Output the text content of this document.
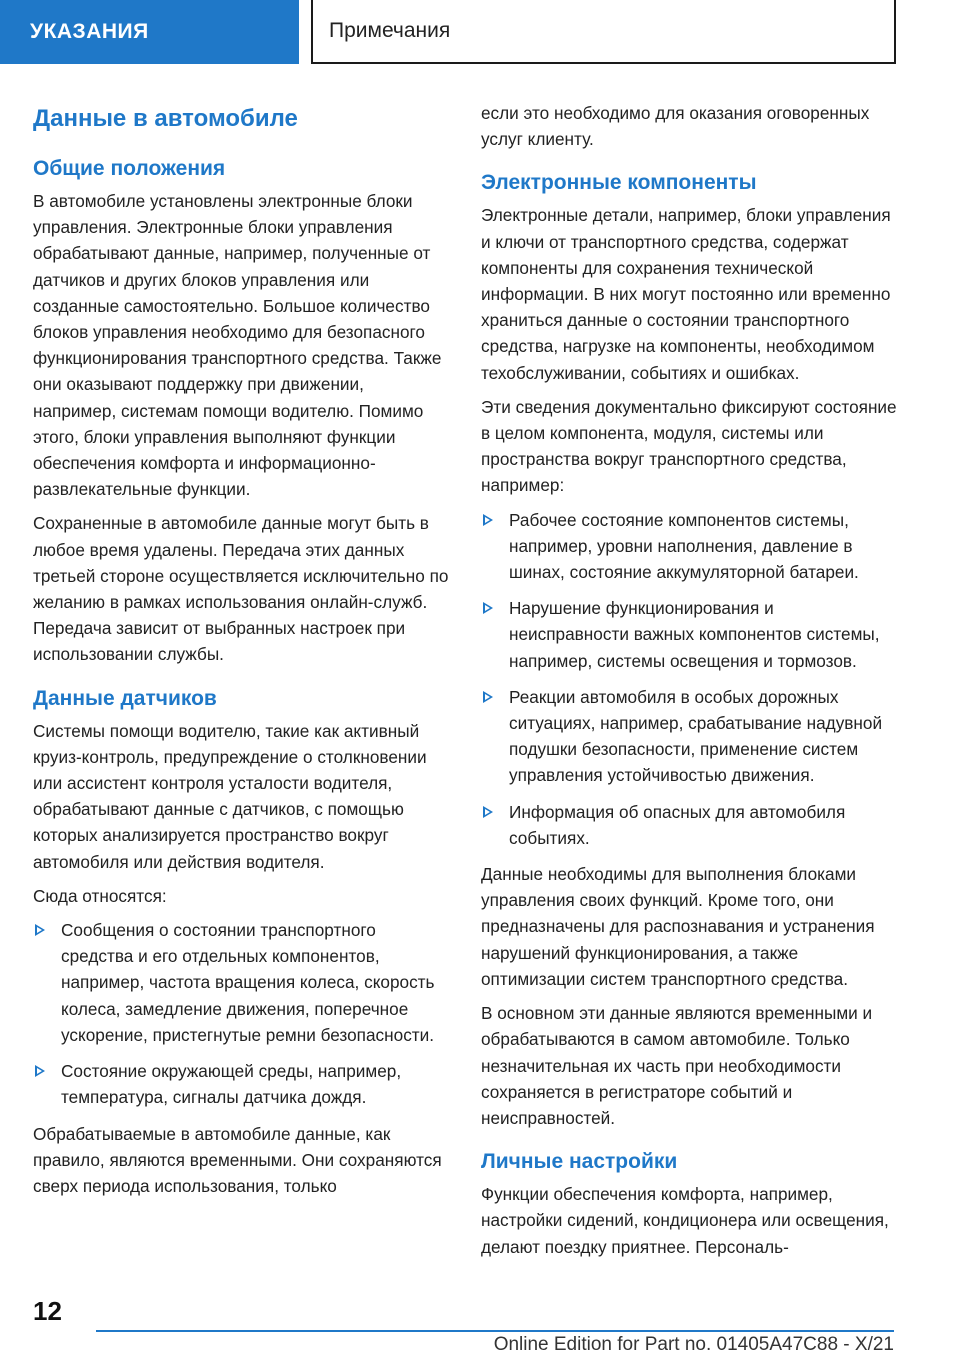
УКАЗАНИЯ	Примечания
Данные в автомобиле
Общие положения

В автомобиле установлены электронные блоки управления. Электронные блоки управления обрабатывают данные, например, полученные от датчиков и других блоков управления или созданные самостоятельно. Большое количество блоков управления необходимо для безопасного функционирования транспортного средства. Также они оказывают поддержку при движении, например, системам помощи водителю. Помимо этого, блоки управления выполняют функции обеспечения комфорта и информационно-развлекательные функции.

Сохраненные в автомобиле данные могут быть в любое время удалены. Передача этих данных третьей стороне осуществляется исключительно по желанию в рамках использования онлайн-служб. Передача зависит от выбранных настроек при использовании службы.

Данные датчиков

Системы помощи водителю, такие как активный круиз-контроль, предупреждение о столкновении или ассистент контроля усталости водителя, обрабатывают данные с датчиков, с помощью которых анализируется пространство вокруг автомобиля или действия водителя.

Сюда относятся:

Сообщения о состоянии транспортного средства и его отдельных компонентов, например, частота вращения колеса, скорость колеса, замедление движения, поперечное ускорение, пристегнутые ремни безопасности.
Состояние окружающей среды, например, температура, сигналы датчика дождя.

Обрабатываемые в автомобиле данные, как правило, являются временными. Они сохраняются сверх периода использования, только

если это необходимо для оказания оговоренных услуг клиенту.

Электронные компоненты

Электронные детали, например, блоки управления и ключи от транспортного средства, содержат компоненты для сохранения технической информации. В них могут постоянно или временно храниться данные о состоянии транспортного средства, нагрузке на компоненты, необходимом техобслуживании, событиях и ошибках.

Эти сведения документально фиксируют состояние в целом компонента, модуля, системы или пространства вокруг транспортного средства, например:

Рабочее состояние компонентов системы, например, уровни наполнения, давление в шинах, состояние аккумуляторной батареи.
Нарушение функционирования и неисправности важных компонентов системы, например, системы освещения и тормозов.
Реакции автомобиля в особых дорожных ситуациях, например, срабатывание надувной подушки безопасности, применение систем управления устойчивостью движения.
Информация об опасных для автомобиля событиях.

Данные необходимы для выполнения блоками управления своих функций. Кроме того, они предназначены для распознавания и устранения нарушений функционирования, а также оптимизации систем транспортного средства.

В основном эти данные являются временными и обрабатываются в самом автомобиле. Только незначительная их часть при необходимости сохраняется в регистраторе событий и неисправностей.

Личные настройки

Функции обеспечения комфорта, например, настройки сидений, кондиционера или освещения, делают поездку приятнее. Персональ-

12
Online Edition for Part no. 01405A47C88 - X/21
